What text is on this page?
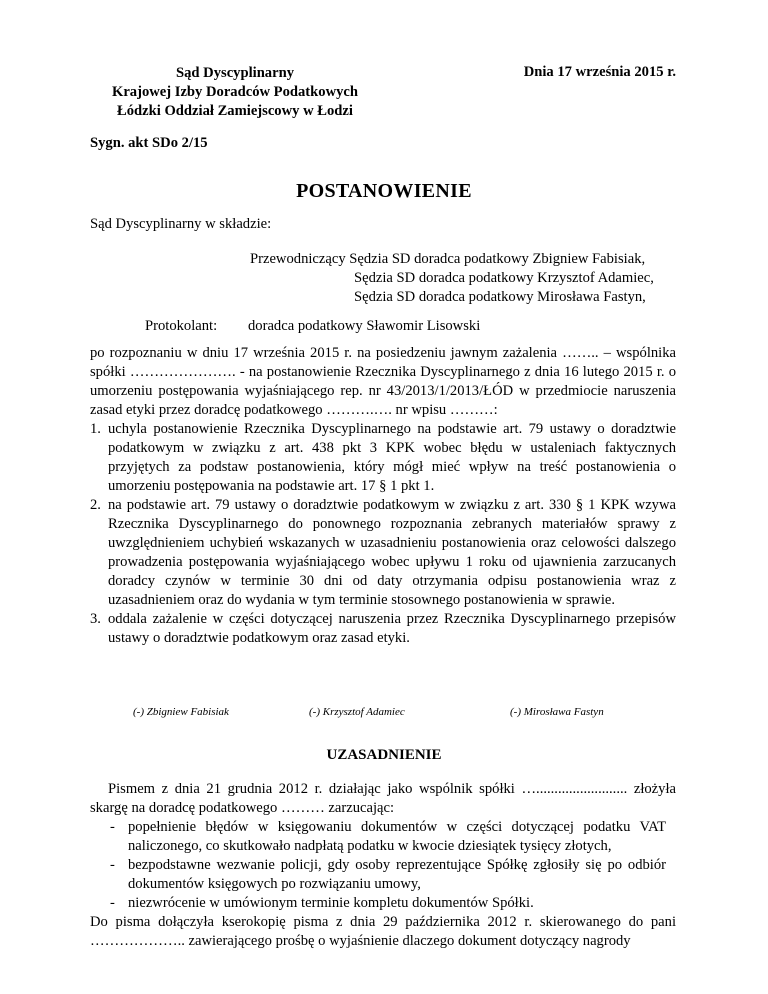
Sąd Dyscyplinarny
Krajowej Izby Doradców Podatkowych
Łódzki Oddział Zamiejscowy w Łodzi
Dnia 17 września 2015 r.
Sygn. akt SDo 2/15
POSTANOWIENIE
Sąd Dyscyplinarny w składzie:
Przewodniczący Sędzia SD doradca podatkowy Zbigniew Fabisiak,
Sędzia SD doradca podatkowy Krzysztof Adamiec,
Sędzia SD doradca podatkowy Mirosława Fastyn,
Protokolant: doradca podatkowy Sławomir Lisowski

po rozpoznaniu w dniu 17 września 2015 r. na posiedzeniu jawnym zażalenia …….. – wspólnika spółki …………………. - na postanowienie Rzecznika Dyscyplinarnego z dnia 16 lutego 2015 r. o umorzeniu postępowania wyjaśniającego rep. nr 43/2013/1/2013/ŁÓD w przedmiocie naruszenia zasad etyki przez doradcę podatkowego ……….…. nr wpisu ………:

1. uchyla postanowienie Rzecznika Dyscyplinarnego na podstawie art. 79 ustawy o doradztwie podatkowym w związku z art. 438 pkt 3 KPK wobec błędu w ustaleniach faktycznych przyjętych za podstaw postanowienia, który mógł mieć wpływ na treść postanowienia o umorzeniu postępowania na podstawie art. 17 § 1 pkt 1.
2. na podstawie art. 79 ustawy o doradztwie podatkowym w związku z art. 330 § 1 KPK wzywa Rzecznika Dyscyplinarnego do ponownego rozpoznania zebranych materiałów sprawy z uwzględnieniem uchybień wskazanych w uzasadnieniu postanowienia oraz celowości dalszego prowadzenia postępowania wyjaśniającego wobec upływu 1 roku od ujawnienia zarzucanych doradcy czynów w terminie 30 dni od daty otrzymania odpisu postanowienia wraz z uzasadnieniem oraz do wydania w tym terminie stosownego postanowienia w sprawie.
3. oddala zażalenie w części dotyczącej naruszenia przez Rzecznika Dyscyplinarnego przepisów ustawy o doradztwie podatkowym oraz zasad etyki.
(-) Zbigniew Fabisiak	(-) Krzysztof Adamiec	(-) Mirosława Fastyn
UZASADNIENIE

Pismem z dnia 21 grudnia 2012 r. działając jako wspólnik spółki …......................... złożyła skargę na doradcę podatkowego ……… zarzucając:

- popełnienie błędów w księgowaniu dokumentów w części dotyczącej podatku VAT naliczonego, co skutkowało nadpłatą podatku w kwocie dziesiątek tysięcy złotych,
- bezpodstawne wezwanie policji, gdy osoby reprezentujące Spółkę zgłosiły się po odbiór dokumentów księgowych po rozwiązaniu umowy,
- niezwrócenie w umówionym terminie kompletu dokumentów Spółki.

Do pisma dołączyła kserokopię pisma z dnia 29 października 2012 r. skierowanego do pani ……………….. zawierającego prośbę o wyjaśnienie dlaczego dokument dotyczący nagrody
